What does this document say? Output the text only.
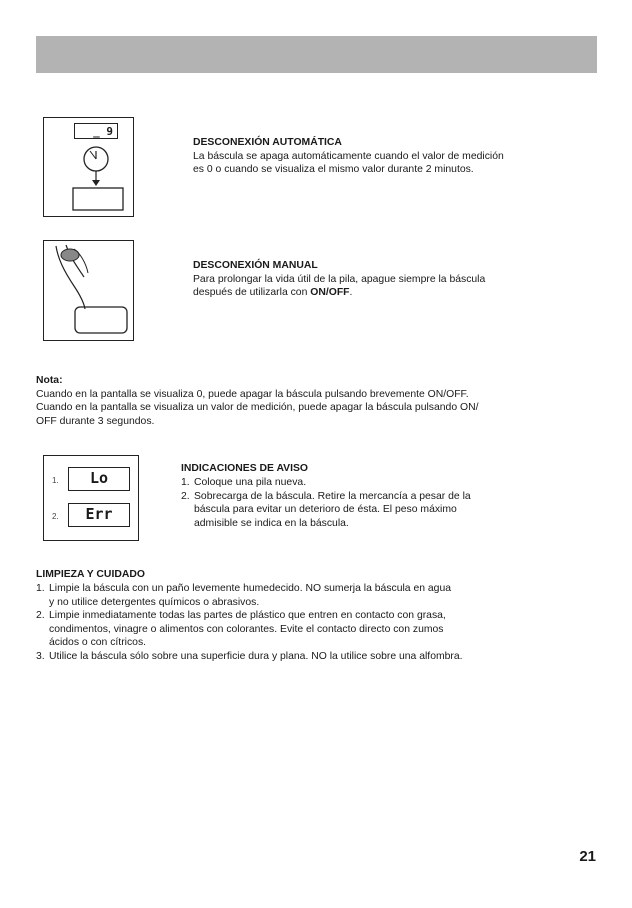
_ 9
DESCONEXIÓN AUTOMÁTICA
La báscula se apaga automáticamente cuando el valor de medición
es 0 o cuando se visualiza el mismo valor durante 2 minutos.
DESCONEXIÓN MANUAL
Para prolongar la vida útil de la pila, apague siempre la báscula
después de utilizarla con ON/OFF.
Nota:
Cuando en la pantalla se visualiza 0, puede apagar la báscula pulsando brevemente ON/OFF.
Cuando en la pantalla se visualiza un valor de medición, puede apagar la báscula pulsando ON/
OFF durante 3 segundos.
1.	Lo
2.	Err
INDICACIONES DE AVISO
1. Coloque una pila nueva.
2. Sobrecarga de la báscula. Retire la mercancía a pesar de la
báscula para evitar un deterioro de ésta. El peso máximo
admisible se indica en la báscula.
LIMPIEZA Y CUIDADO
1. Limpie la báscula con un paño levemente humedecido. NO sumerja la báscula en agua
y no utilice detergentes químicos o abrasivos.
2. Limpie inmediatamente todas las partes de plástico que entren en contacto con grasa,
condimentos, vinagre o alimentos con colorantes. Evite el contacto directo con zumos
ácidos o con cítricos.
3. Utilice la báscula sólo sobre una superficie dura y plana. NO la utilice sobre una alfombra.
21
